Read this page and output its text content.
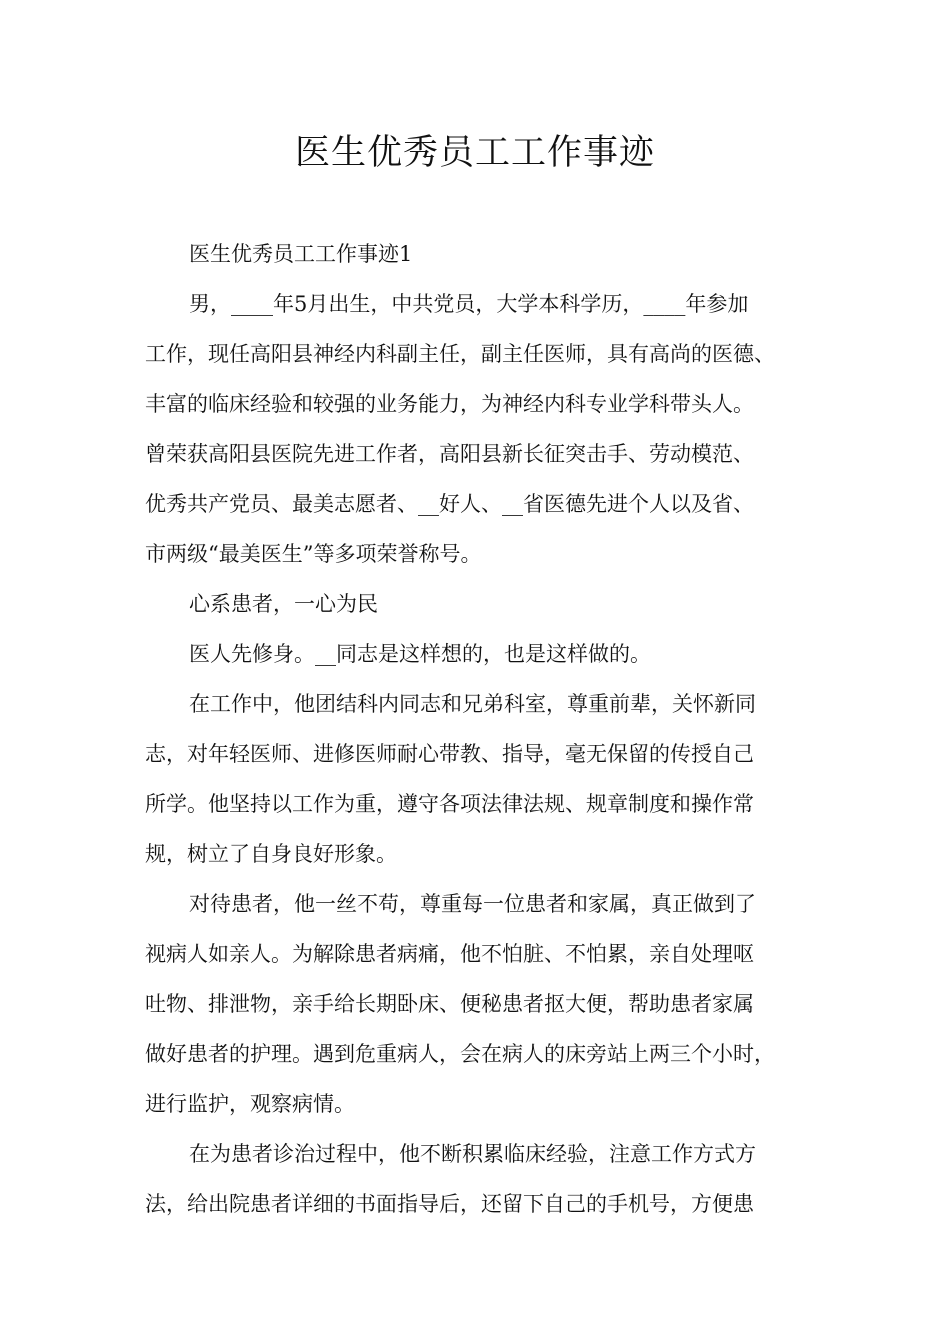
医生优秀员工工作事迹

医生优秀员工工作事迹1

男，____年5月出生，中共党员，大学本科学历，____年参加

工作，现任高阳县神经内科副主任，副主任医师，具有高尚的医德、

丰富的临床经验和较强的业务能力，为神经内科专业学科带头人。

曾荣获高阳县医院先进工作者，高阳县新长征突击手、劳动模范、

优秀共产党员、最美志愿者、__好人、__省医德先进个人以及省、

市两级“最美医生”等多项荣誉称号。

心系患者，一心为民

医人先修身。__同志是这样想的，也是这样做的。

在工作中，他团结科内同志和兄弟科室，尊重前辈，关怀新同

志，对年轻医师、进修医师耐心带教、指导，毫无保留的传授自己

所学。他坚持以工作为重，遵守各项法律法规、规章制度和操作常

规，树立了自身良好形象。

对待患者，他一丝不苟，尊重每一位患者和家属，真正做到了

视病人如亲人。为解除患者病痛，他不怕脏、不怕累，亲自处理呕

吐物、排泄物，亲手给长期卧床、便秘患者抠大便，帮助患者家属

做好患者的护理。遇到危重病人，会在病人的床旁站上两三个小时，

进行监护，观察病情。

在为患者诊治过程中，他不断积累临床经验，注意工作方式方

法，给出院患者详细的书面指导后，还留下自己的手机号，方便患
